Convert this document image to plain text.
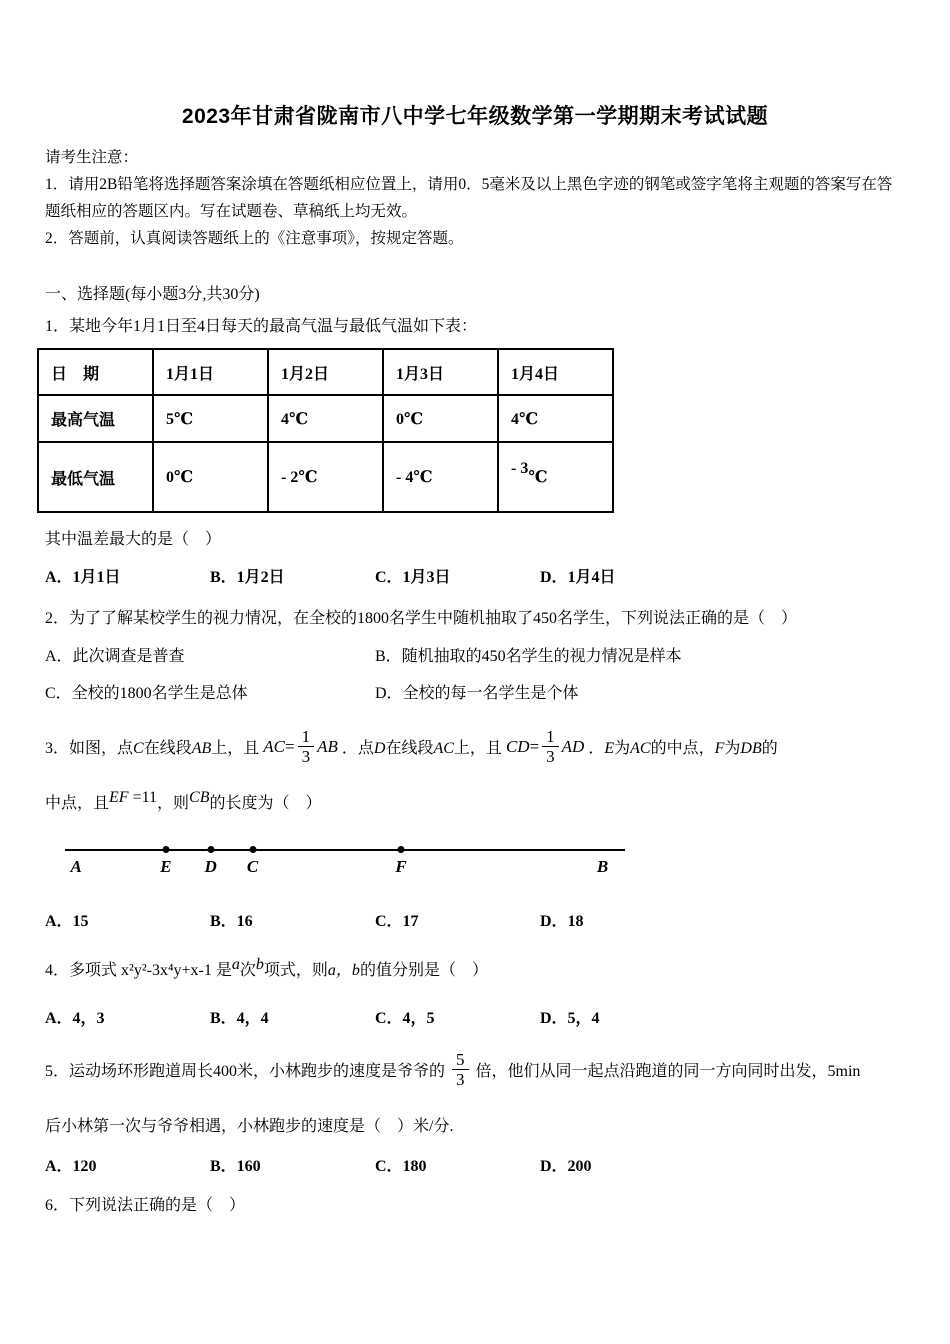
2023年甘肃省陇南市八中学七年级数学第一学期期末考试试题

请考生注意：

1．请用2B铅笔将选择题答案涂填在答题纸相应位置上，请用0．5毫米及以上黑色字迹的钢笔或签字笔将主观题的答案写在答题纸相应的答题区内。写在试题卷、草稿纸上均无效。

2．答题前，认真阅读答题纸上的《注意事项》，按规定答题。

一、选择题(每小题3分,共30分)

1．某地今年1月1日至4日每天的最高气温与最低气温如下表：

日　期	1月1日	1月2日	1月3日	1月4日
最高气温	5℃	4℃	0℃	4℃
最低气温	0℃	- 2℃	- 4℃	- 3℃

其中温差最大的是（　）

A．1月1日	B．1月2日	C．1月3日	D．1月4日

2．为了了解某校学生的视力情况，在全校的1800名学生中随机抽取了450名学生，下列说法正确的是（　）

A．此次调查是普查	B．随机抽取的450名学生的视力情况是样本
C．全校的1800名学生是总体	D．全校的每一名学生是个体

3．如图，点C在线段AB上，且 AC = $\frac{1}{3}$ AB ．点D在线段AC上，且 CD = $\frac{1}{3}$ AD ．E为AC的中点，F为DB的

中点，且EF =11，则CB的长度为（　）

A	E D C	F	B
A．15	B．16	C．17	D．18

4．多项式 x²y²-3x⁴y+x-1 是a次b项式，则a，b的值分别是（　）

A．4，3	B．4，4	C．4，5	D．5，4

5．运动场环形跑道周长400米，小林跑步的速度是爷爷的 $\frac{5}{3}$ 倍，他们从同一起点沿跑道的同一方向同时出发，5min

后小林第一次与爷爷相遇，小林跑步的速度是（　）米/分.

A．120	B．160	C．180	D．200

6．下列说法正确的是（　）
